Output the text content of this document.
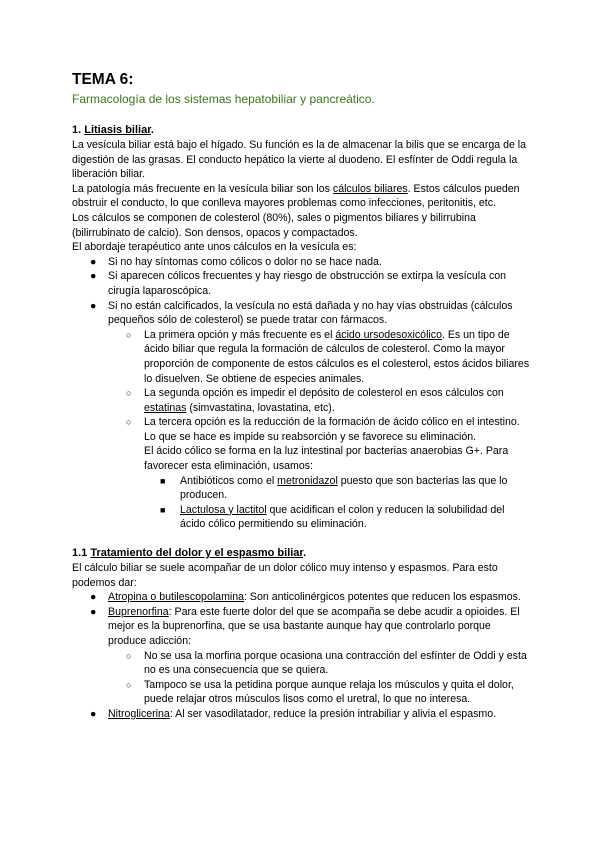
TEMA 6:
Farmacología de los sistemas hepatobiliar y pancreático.
1. Litiasis biliar.

La vesícula biliar está bajo el hígado. Su función es la de almacenar la bilis que se encarga de la digestión de las grasas. El conducto hepático la vierte al duodeno. El esfínter de Oddi regula la liberación biliar.

La patología más frecuente en la vesícula biliar son los cálculos biliares. Estos cálculos pueden obstruir el conducto, lo que conlleva mayores problemas como infecciones, peritonitis, etc.

Los cálculos se componen de colesterol (80%), sales o pigmentos biliares y bilirrubina (bilirrubinato de calcio). Son densos, opacos y compactados.

El abordaje terapéutico ante unos cálculos en la vesícula es:

● Si no hay síntomas como cólicos o dolor no se hace nada.
● Si aparecen cólicos frecuentes y hay riesgo de obstrucción se extirpa la vesícula con cirugía laparoscópica.
● Si no están calcificados, la vesícula no está dañada y no hay vías obstruidas (cálculos pequeños sólo de colesterol) se puede tratar con fármacos.
○ La primera opción y más frecuente es el ácido ursodesoxicólico. Es un tipo de ácido biliar que regula la formación de cálculos de colesterol. Como la mayor proporción de componente de estos cálculos es el colesterol, estos ácidos biliares lo disuelven. Se obtiene de especies animales.
○ La segunda opción es impedir el depósito de colesterol en esos cálculos con estatinas (simvastatina, lovastatina, etc).
○ La tercera opción es la reducción de la formación de ácido cólico en el intestino. Lo que se hace es impide su reabsorción y se favorece su eliminación.
El ácido cólico se forma en la luz intestinal por bacterias anaerobias G+. Para favorecer esta eliminación, usamos:
■ Antibióticos como el metronidazol puesto que son bacterias las que lo producen.
■ Lactulosa y lactitol que acidifican el colon y reducen la solubilidad del ácido cólico permitiendo su eliminación.
1.1 Tratamiento del dolor y el espasmo biliar.

El cálculo biliar se suele acompañar de un dolor cólico muy intenso y espasmos. Para esto podemos dar:

● Atropina o butilescopolamina: Son anticolinérgicos potentes que reducen los espasmos.
● Buprenorfina: Para este fuerte dolor del que se acompaña se debe acudir a opioides. El mejor es la buprenorfina, que se usa bastante aunque hay que controlarlo porque produce adicción:
○ No se usa la morfina porque ocasiona una contracción del esfínter de Oddi y esta no es una consecuencia que se quiera.
○ Tampoco se usa la petidina porque aunque relaja los músculos y quita el dolor, puede relajar otros músculos lisos como el uretral, lo que no interesa.
● Nitroglicerina: Al ser vasodilatador, reduce la presión intrabiliar y alivia el espasmo.
